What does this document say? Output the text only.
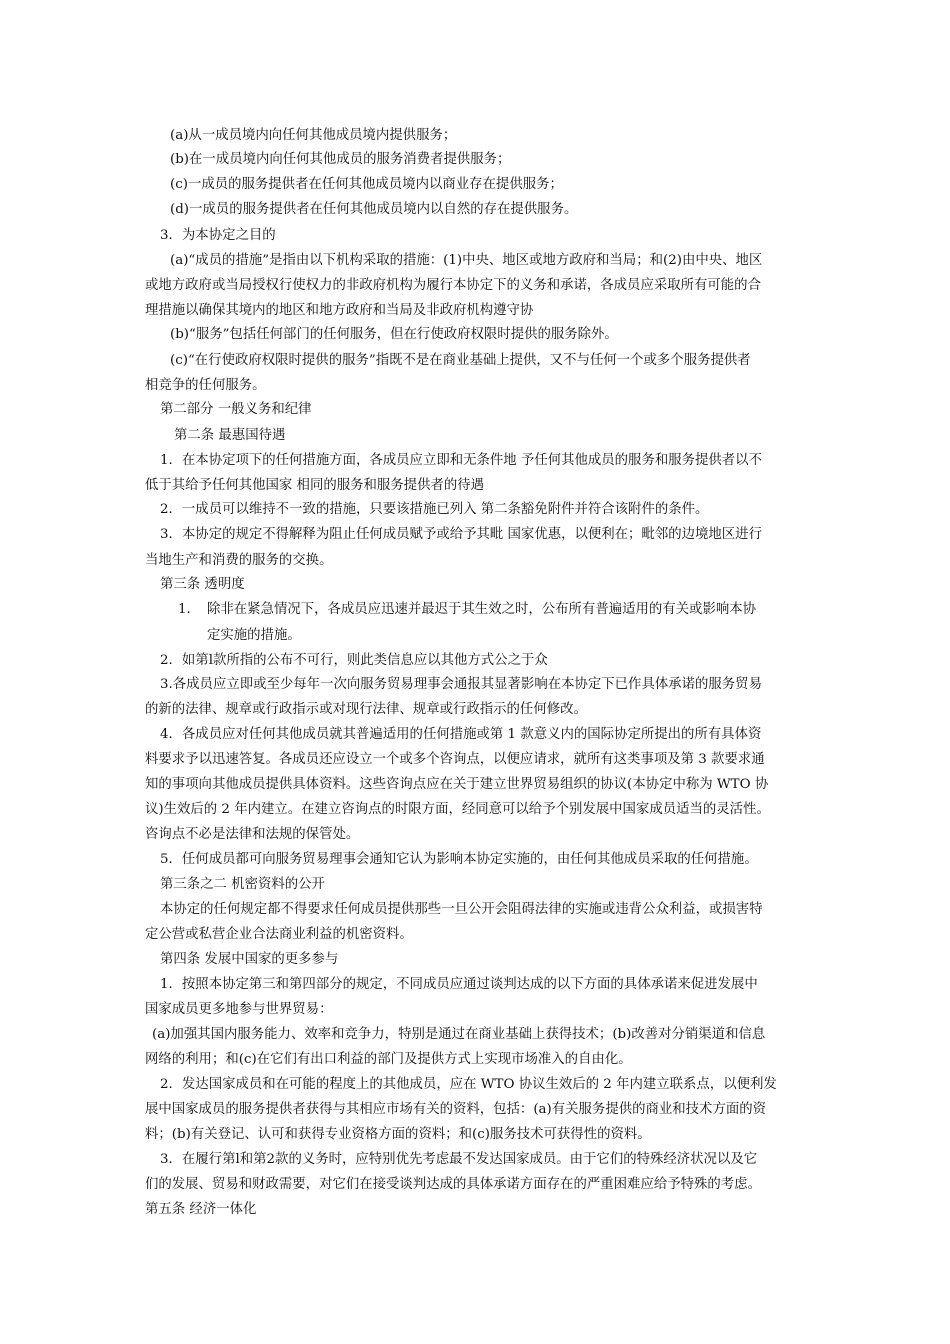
(a)从一成员境内向任何其他成员境内提供服务；
(b)在一成员境内向任何其他成员的服务消费者提供服务；
(c)一成员的服务提供者在任何其他成员境内以商业存在提供服务；
(d)一成员的服务提供者在任何其他成员境内以自然的存在提供服务。
3．为本协定之目的
(a)“成员的措施”是指由以下机构采取的措施：(1)中央、地区或地方政府和当局；和(2)由中央、地区
或地方政府或当局授权行使权力的非政府机构为履行本协定下的义务和承诺，各成员应采取所有可能的合
理措施以确保其境内的地区和地方政府和当局及非政府机构遵守协
(b)“服务”包括任何部门的任何服务，但在行使政府权限时提供的服务除外。
(c)“在行使政府权限时提供的服务”指既不是在商业基础上提供，又不与任何一个或多个服务提供者
相竞争的任何服务。
第二部分 一般义务和纪律
第二条 最惠国待遇
1．在本协定项下的任何措施方面，各成员应立即和无条件地 予任何其他成员的服务和服务提供者以不
低于其给予任何其他国家 相同的服务和服务提供者的待遇
2．一成员可以维持不一致的措施，只要该措施已列入 第二条豁免附件并符合该附件的条件。
3．本协定的规定不得解释为阻止任何成员赋予或给予其毗 国家优惠，以便利在；毗邻的边境地区进行
当地生产和消费的服务的交换。
第三条 透明度
1． 除非在紧急情况下，各成员应迅速并最迟于其生效之时，公布所有普遍适用的有关或影响本协
定实施的措施。
2．如第l款所指的公布不可行，则此类信息应以其他方式公之于众
3.各成员应立即或至少每年一次向服务贸易理事会通报其显著影响在本协定下已作具体承诺的服务贸易
的新的法律、规章或行政指示或对现行法律、规章或行政指示的任何修改。
4．各成员应对任何其他成员就其普遍适用的任何措施或第 1 款意义内的国际协定所提出的所有具体资
料要求予以迅速答复。各成员还应设立一个或多个咨询点，以便应请求，就所有这类事项及第 3 款要求通
知的事项向其他成员提供具体资料。这些咨询点应在关于建立世界贸易组织的协议(本协定中称为 WTO 协
议)生效后的 2 年内建立。在建立咨询点的时限方面，经同意可以给予个别发展中国家成员适当的灵活性。
咨询点不必是法律和法规的保管处。
5．任何成员都可向服务贸易理事会通知它认为影响本协定实施的，由任何其他成员采取的任何措施。
第三条之二 机密资料的公开
本协定的任何规定都不得要求任何成员提供那些一旦公开会阻碍法律的实施或违背公众利益，或损害特
定公营或私营企业合法商业利益的机密资料。
第四条 发展中国家的更多参与
1．按照本协定第三和第四部分的规定，不同成员应通过谈判达成的以下方面的具体承诺来促进发展中
国家成员更多地参与世界贸易：
(a)加强其国内服务能力、效率和竞争力，特别是通过在商业基础上获得技术；(b)改善对分销渠道和信息
网络的利用；和(c)在它们有出口利益的部门及提供方式上实现市场准入的自由化。
2．发达国家成员和在可能的程度上的其他成员，应在 WTO 协议生效后的 2 年内建立联系点，以便利发
展中国家成员的服务提供者获得与其相应市场有关的资料，包括：(a)有关服务提供的商业和技术方面的资
料；(b)有关登记、认可和获得专业资格方面的资料；和(c)服务技术可获得性的资料。
3．在履行第l和第2款的义务时，应特别优先考虑最不发达国家成员。由于它们的特殊经济状况以及它
们的发展、贸易和财政需要，对它们在接受谈判达成的具体承诺方面存在的严重困难应给予特殊的考虑。
第五条 经济一体化
